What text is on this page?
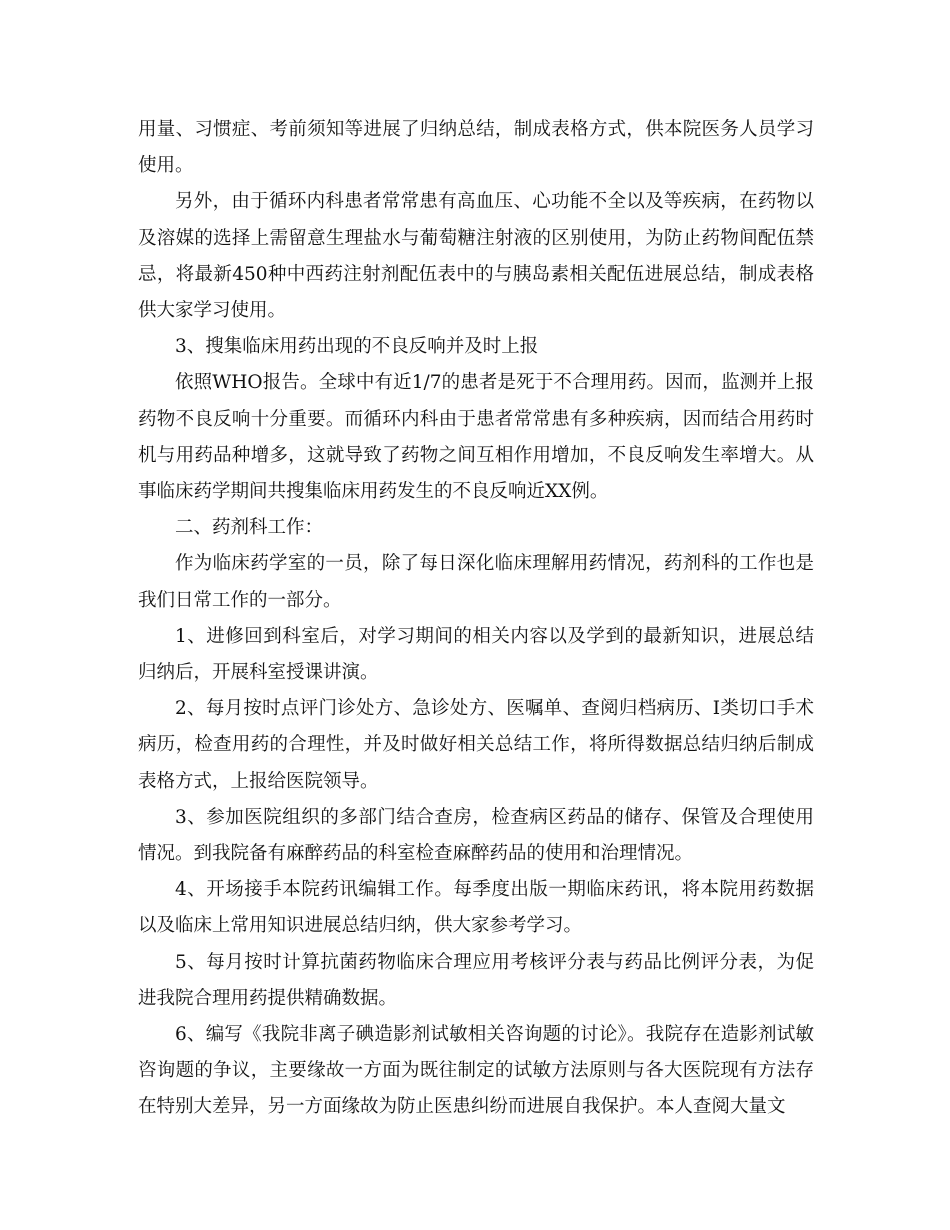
用量、习惯症、考前须知等进展了归纳总结，制成表格方式，供本院医务人员学习使用。

另外，由于循环内科患者常常患有高血压、心功能不全以及等疾病，在药物以及溶媒的选择上需留意生理盐水与葡萄糖注射液的区别使用，为防止药物间配伍禁忌，将最新450种中西药注射剂配伍表中的与胰岛素相关配伍进展总结，制成表格供大家学习使用。

3、搜集临床用药出现的不良反响并及时上报

依照WHO报告。全球中有近1/7的患者是死于不合理用药。因而，监测并上报药物不良反响十分重要。而循环内科由于患者常常患有多种疾病，因而结合用药时机与用药品种增多，这就导致了药物之间互相作用增加，不良反响发生率增大。从事临床药学期间共搜集临床用药发生的不良反响近XX例。

二、药剂科工作：

作为临床药学室的一员，除了每日深化临床理解用药情况，药剂科的工作也是我们日常工作的一部分。

1、进修回到科室后，对学习期间的相关内容以及学到的最新知识，进展总结归纳后，开展科室授课讲演。

2、每月按时点评门诊处方、急诊处方、医嘱单、查阅归档病历、Ⅰ类切口手术病历，检查用药的合理性，并及时做好相关总结工作，将所得数据总结归纳后制成表格方式，上报给医院领导。

3、参加医院组织的多部门结合查房，检查病区药品的储存、保管及合理使用情况。到我院备有麻醉药品的科室检查麻醉药品的使用和治理情况。

4、开场接手本院药讯编辑工作。每季度出版一期临床药讯，将本院用药数据以及临床上常用知识进展总结归纳，供大家参考学习。

5、每月按时计算抗菌药物临床合理应用考核评分表与药品比例评分表，为促进我院合理用药提供精确数据。

6、编写《我院非离子碘造影剂试敏相关咨询题的讨论》。我院存在造影剂试敏咨询题的争议，主要缘故一方面为既往制定的试敏方法原则与各大医院现有方法存在特别大差异，另一方面缘故为防止医患纠纷而进展自我保护。本人查阅大量文
